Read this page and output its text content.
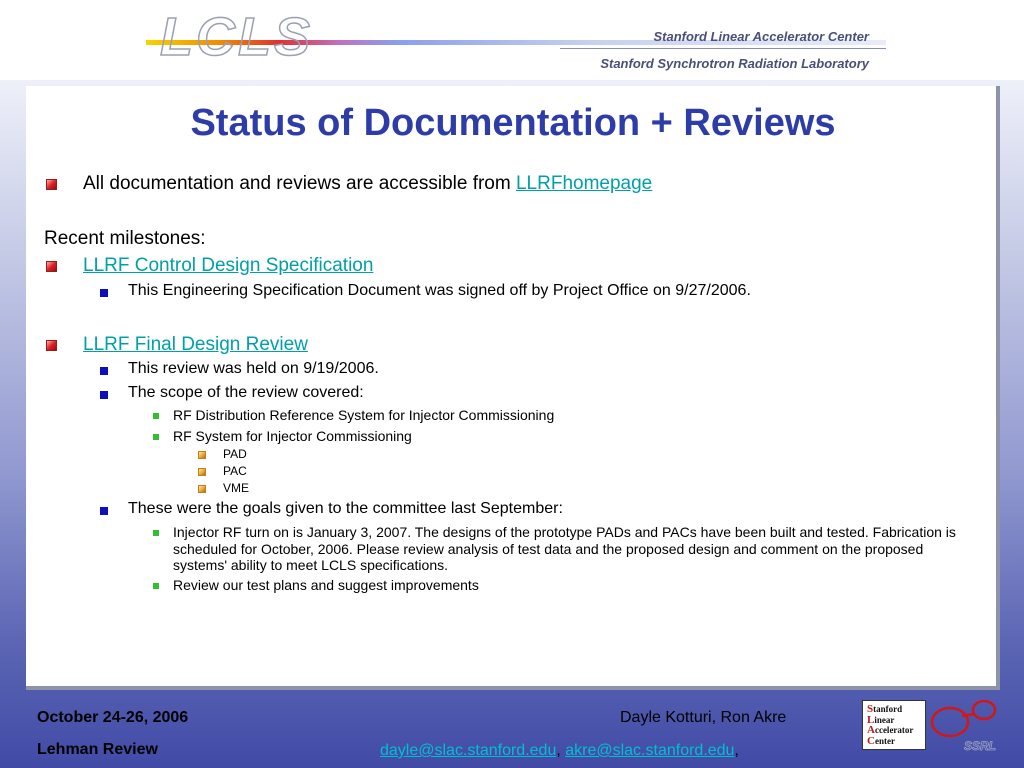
LCLS	Stanford Linear Accelerator Center
Stanford Synchrotron Radiation Laboratory
Status of Documentation + Reviews
All documentation and reviews are accessible from LLRFhomepage
Recent milestones:
LLRF Control Design Specification
This Engineering Specification Document was signed off by Project Office on 9/27/2006.
LLRF Final Design Review
This review was held on 9/19/2006.
The scope of the review covered:
RF Distribution Reference System for Injector Commissioning
RF System for Injector Commissioning
PAD
PAC
VME
These were the goals given to the committee last September:
Injector RF turn on is January 3, 2007. The designs of the prototype PADs and PACs have been built and tested. Fabrication is scheduled for October, 2006. Please review analysis of test data and the proposed design and comment on the proposed systems' ability to meet LCLS specifications.
Review our test plans and suggest improvements
October 24-26, 2006
Lehman Review
Dayle Kotturi, Ron Akre
dayle@slac.stanford.edu, akre@slac.stanford.edu,
Stanford
Linear
Accelerator
Center	SSRL
